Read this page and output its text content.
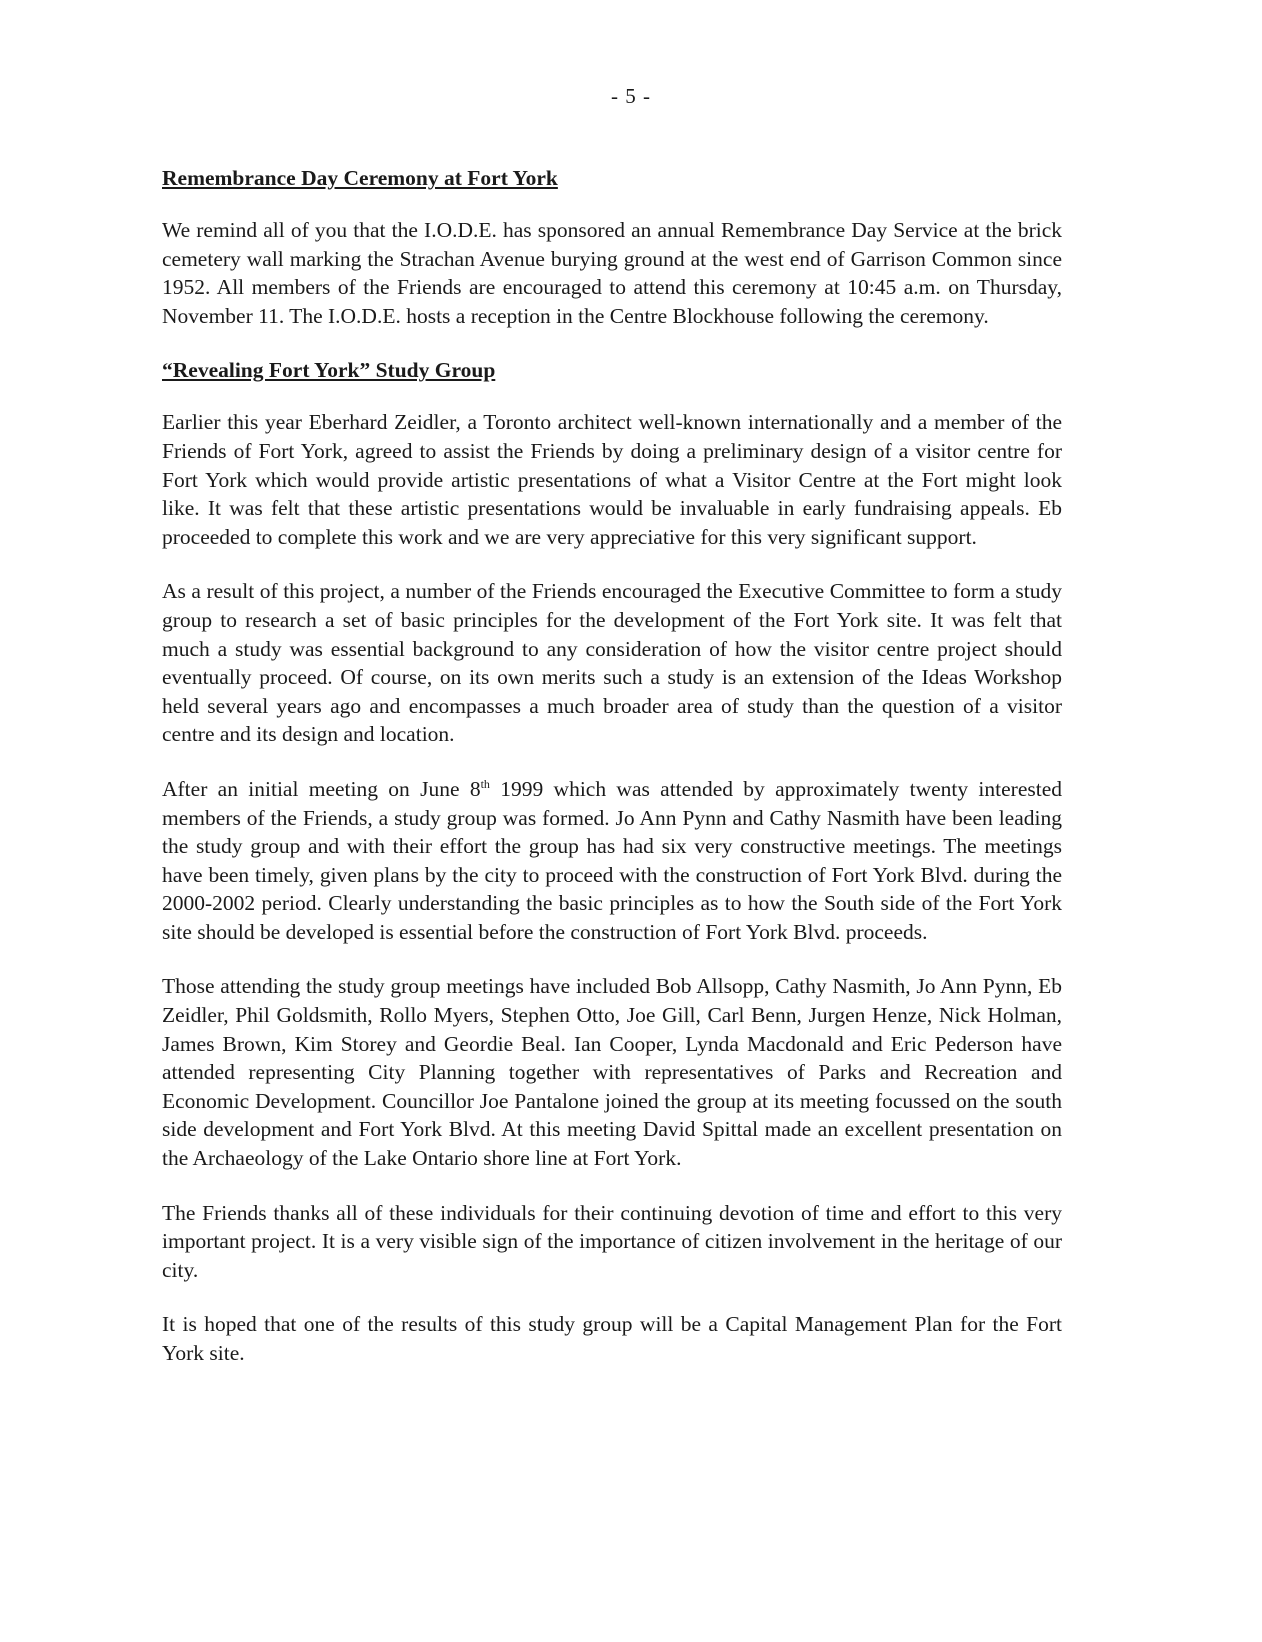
- 5 -
Remembrance Day Ceremony at Fort York

We remind all of you that the I.O.D.E. has sponsored an annual Remembrance Day Service at the brick cemetery wall marking the Strachan Avenue burying ground at the west end of Garrison Common since 1952. All members of the Friends are encouraged to attend this ceremony at 10:45 a.m. on Thursday, November 11. The I.O.D.E. hosts a reception in the Centre Blockhouse following the ceremony.

“Revealing Fort York” Study Group

Earlier this year Eberhard Zeidler, a Toronto architect well-known internationally and a member of the Friends of Fort York, agreed to assist the Friends by doing a preliminary design of a visitor centre for Fort York which would provide artistic presentations of what a Visitor Centre at the Fort might look like. It was felt that these artistic presentations would be invaluable in early fundraising appeals. Eb proceeded to complete this work and we are very appreciative for this very significant support.

As a result of this project, a number of the Friends encouraged the Executive Committee to form a study group to research a set of basic principles for the development of the Fort York site. It was felt that much a study was essential background to any consideration of how the visitor centre project should eventually proceed. Of course, on its own merits such a study is an extension of the Ideas Workshop held several years ago and encompasses a much broader area of study than the question of a visitor centre and its design and location.

After an initial meeting on June 8th 1999 which was attended by approximately twenty interested members of the Friends, a study group was formed. Jo Ann Pynn and Cathy Nasmith have been leading the study group and with their effort the group has had six very constructive meetings. The meetings have been timely, given plans by the city to proceed with the construction of Fort York Blvd. during the 2000-2002 period. Clearly understanding the basic principles as to how the South side of the Fort York site should be developed is essential before the construction of Fort York Blvd. proceeds.

Those attending the study group meetings have included Bob Allsopp, Cathy Nasmith, Jo Ann Pynn, Eb Zeidler, Phil Goldsmith, Rollo Myers, Stephen Otto, Joe Gill, Carl Benn, Jurgen Henze, Nick Holman, James Brown, Kim Storey and Geordie Beal. Ian Cooper, Lynda Macdonald and Eric Pederson have attended representing City Planning together with representatives of Parks and Recreation and Economic Development. Councillor Joe Pantalone joined the group at its meeting focussed on the south side development and Fort York Blvd. At this meeting David Spittal made an excellent presentation on the Archaeology of the Lake Ontario shore line at Fort York.

The Friends thanks all of these individuals for their continuing devotion of time and effort to this very important project. It is a very visible sign of the importance of citizen involvement in the heritage of our city.

It is hoped that one of the results of this study group will be a Capital Management Plan for the Fort York site.
